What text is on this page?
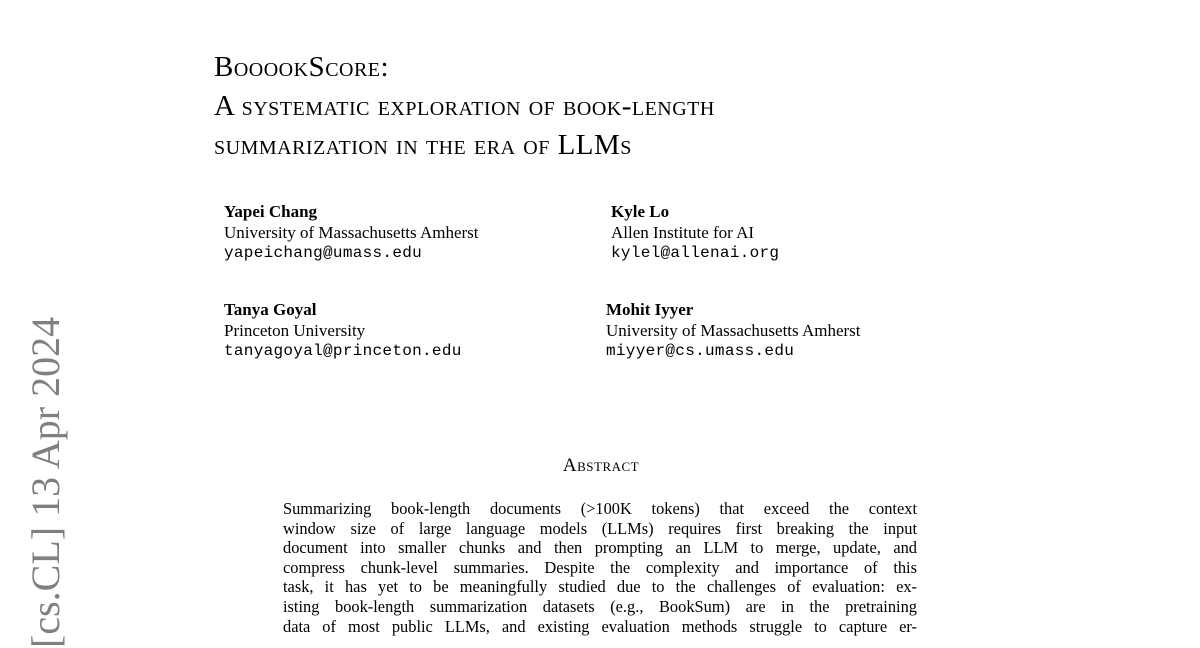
[cs.CL] 13 Apr 2024
BooookScore:
A systematic exploration of book-length
summarization in the era of LLMs
Yapei Chang
University of Massachusetts Amherst
yapeichang@umass.edu
Kyle Lo
Allen Institute for AI
kylel@allenai.org
Tanya Goyal
Princeton University
tanyagoyal@princeton.edu
Mohit Iyyer
University of Massachusetts Amherst
miyyer@cs.umass.edu
Abstract
Summarizing book-length documents (>100K tokens) that exceed the context
window size of large language models (LLMs) requires first breaking the input
document into smaller chunks and then prompting an LLM to merge, update, and
compress chunk-level summaries. Despite the complexity and importance of this
task, it has yet to be meaningfully studied due to the challenges of evaluation: ex-
isting book-length summarization datasets (e.g., BookSum) are in the pretraining
data of most public LLMs, and existing evaluation methods struggle to capture er-
